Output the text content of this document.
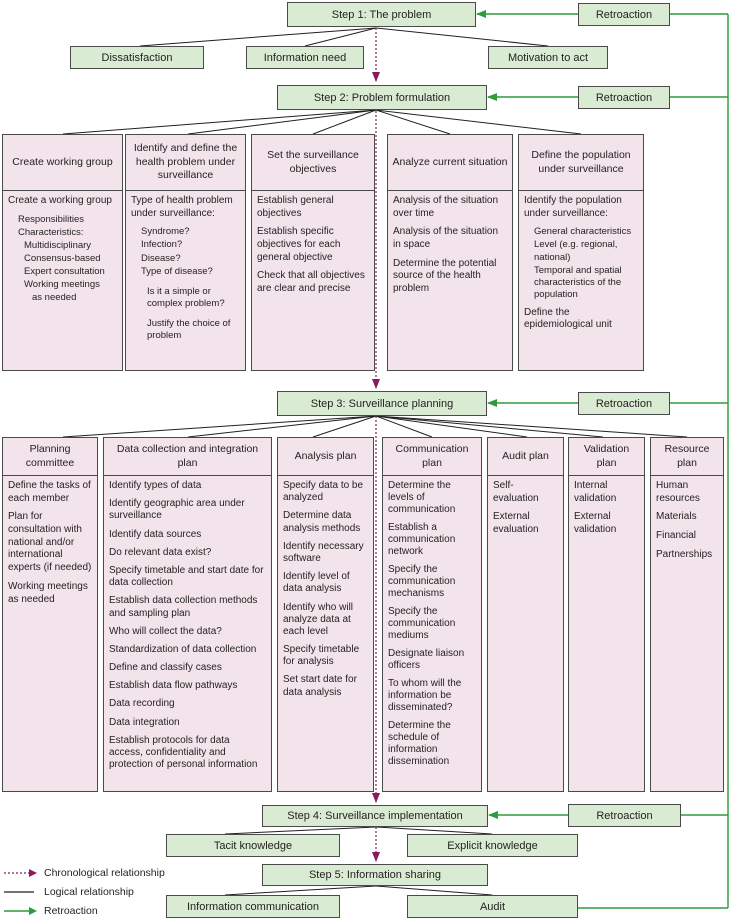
Step 1: The problem
Step 2: Problem formulation
Step 3: Surveillance planning
Step 4: Surveillance implementation
Step 5: Information sharing
Retroaction
Retroaction
Retroaction
Retroaction
Dissatisfaction	Information need	Motivation to act
Create working group
Create a working group
Responsibilities
Characteristics:
Multidisciplinary
Consensus-based
Expert consultation
Working meetings
as needed
Identify and define the health problem under surveillance
Type of health problem under surveillance:
Syndrome?
Infection?
Disease?
Type of disease?
Is it a simple or complex problem?
Justify the choice of problem
Set the surveillance objectives
Establish general objectives
Establish specific objectives for each general objective
Check that all objectives are clear and precise
Analyze current situation
Analysis of the situation over time
Analysis of the situation in space
Determine the potential source of the health problem
Define the population under surveillance
Identify the population under surveillance:
General characteristics
Level (e.g. regional, national)
Temporal and spatial characteristics of the population
Define the epidemiological unit
Planning committee
Define the tasks of each member
Plan for consultation with national and/or international experts (if needed)
Working meetings as needed
Data collection and integration plan
Identify types of data
Identify geographic area under surveillance
Identify data sources
Do relevant data exist?
Specify timetable and start date for data collection
Establish data collection methods and sampling plan
Who will collect the data?
Standardization of data collection
Define and classify cases
Establish data flow pathways
Data recording
Data integration
Establish protocols for data access, confidentiality and protection of personal information
Analysis plan
Specify data to be analyzed
Determine data analysis methods
Identify necessary software
Identify level of data analysis
Identify who will analyze data at each level
Specify timetable for analysis
Set start date for data analysis
Communication plan
Determine the levels of communication
Establish a communication network
Specify the communication mechanisms
Specify the communication mediums
Designate liaison officers
To whom will the information be disseminated?
Determine the schedule of information dissemination
Audit plan
Self-evaluation
External evaluation
Validation plan
Internal validation
External validation
Resource plan
Human resources
Materials
Financial
Partnerships
Tacit knowledge	Explicit knowledge
Information communication	Audit
Chronological relationship
Logical relationship
Retroaction
